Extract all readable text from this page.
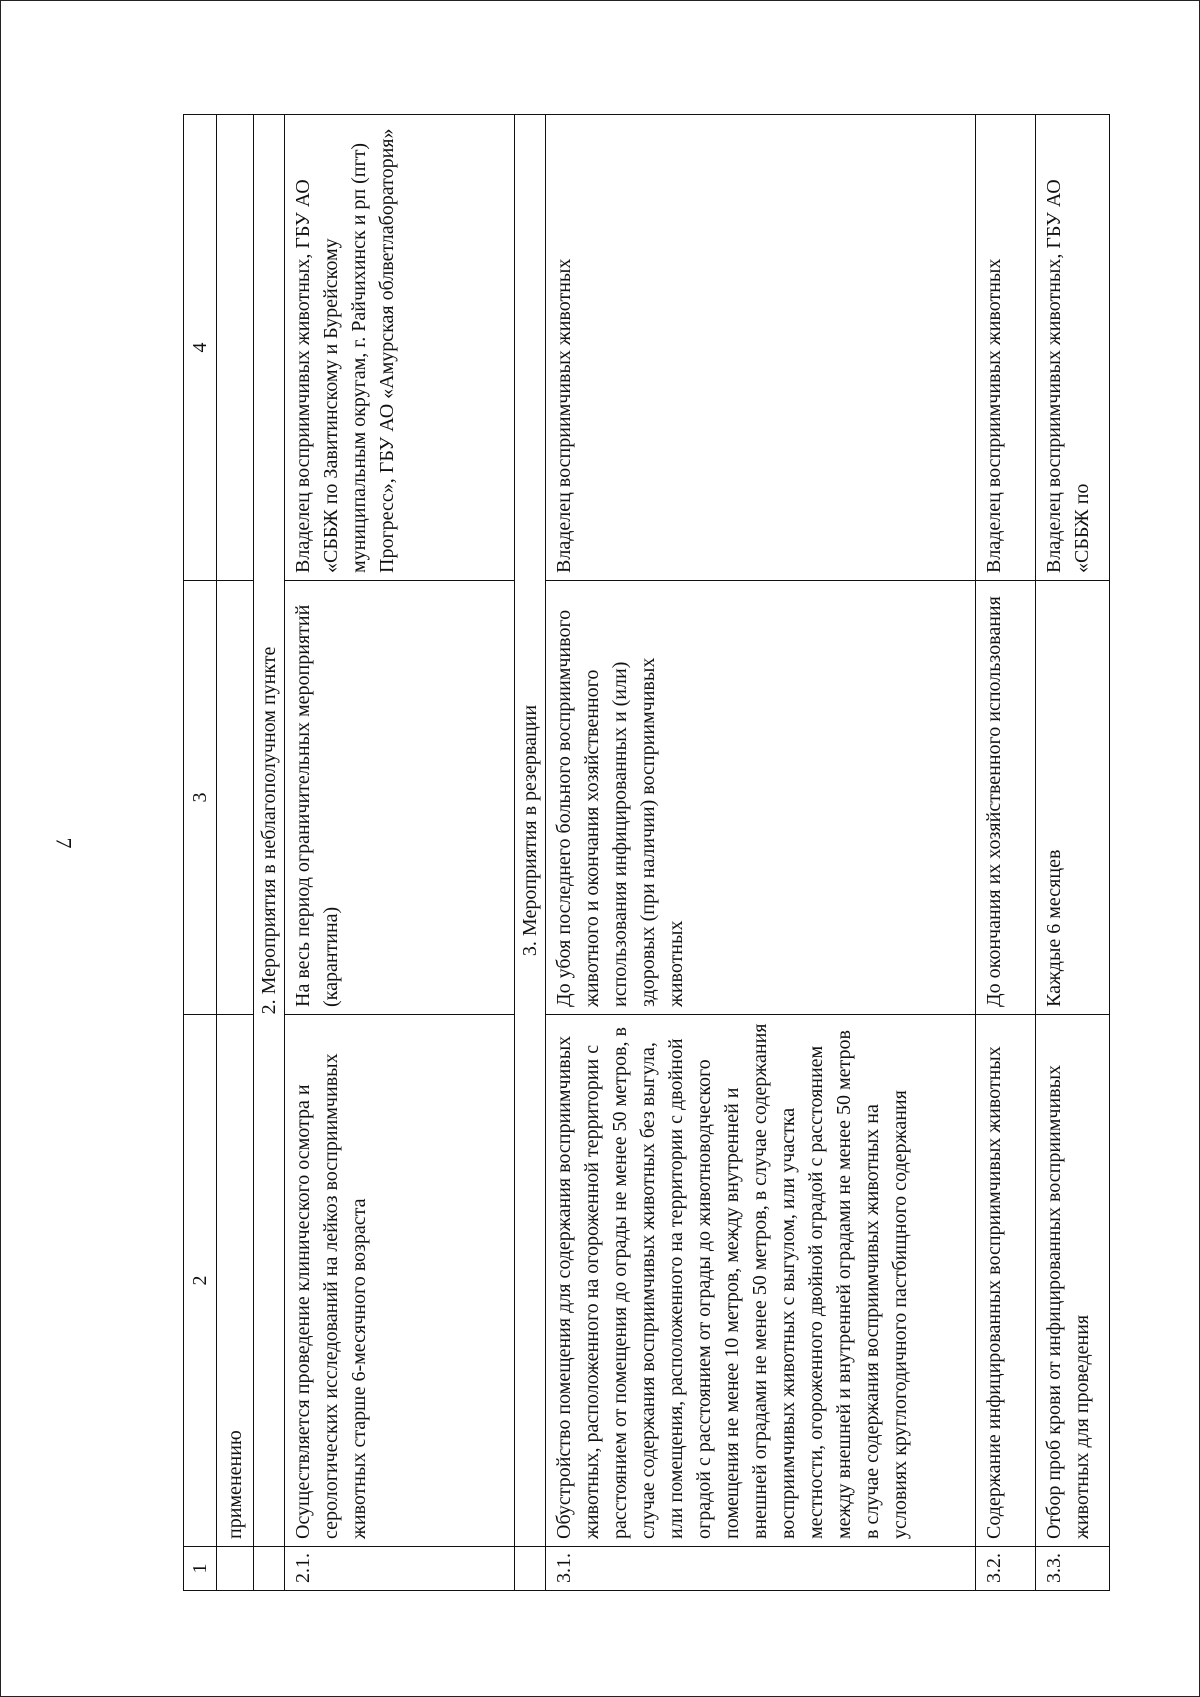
7
1	2	3	4
	применению		
	2. Мероприятия в неблагополучном пункте		
2.1.	Осуществляется проведение клинического осмотра и серологических исследований на лейкоз восприимчивых животных старше 6-месячного возраста	На весь период ограничительных мероприятий (карантина)	Владелец восприимчивых животных, ГБУ АО «СББЖ по Завитинскому и Бурейскому муниципальным округам, г. Райчихинск и рп (пгт) Прогресс», ГБУ АО «Амурская облветлаборатория»
	3. Мероприятия в резервации		
3.1.	Обустройство помещения для содержания восприимчивых животных, расположенного на огороженной территории с расстоянием от помещения до ограды не менее 50 метров, в случае содержания восприимчивых животных без выгула, или помещения, расположенного на территории с двойной оградой с расстоянием от ограды до животноводческого помещения не менее 10 метров, между внутренней и внешней оградами не менее 50 метров, в случае содержания восприимчивых животных с выгулом, или участка местности, огороженного двойной оградой с расстоянием между внешней и внутренней оградами не менее 50 метров в случае содержания восприимчивых животных на условиях круглогодичного пастбищного содержания	До убоя последнего больного восприимчивого животного и окончания хозяйственного использования инфицированных и (или) здоровых (при наличии) восприимчивых животных	Владелец восприимчивых животных
3.2.	Содержание инфицированных восприимчивых животных	До окончания их хозяйственного использования	Владелец восприимчивых животных
3.3.	Отбор проб крови от инфицированных восприимчивых животных для проведения	Каждые 6 месяцев	Владелец восприимчивых животных, ГБУ АО «СББЖ по
